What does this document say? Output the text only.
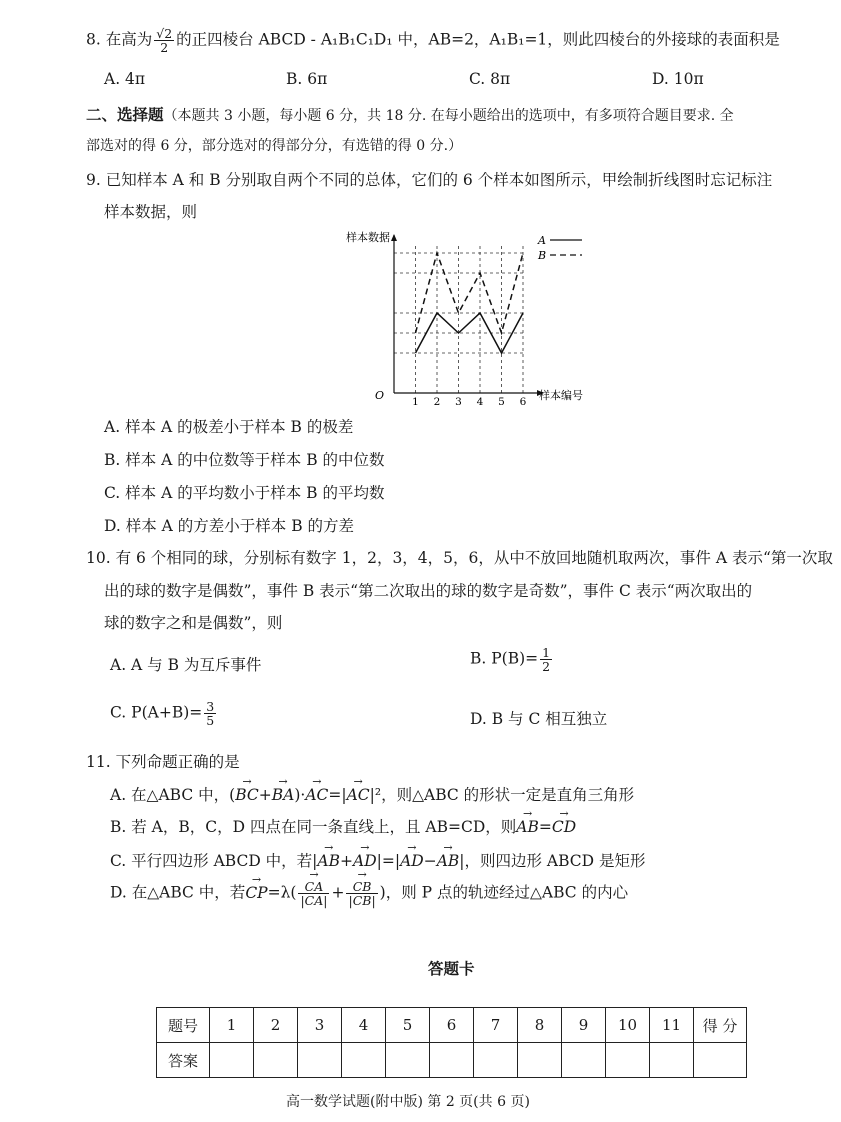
8. 在高为 $\frac{√2}{2}$ 的正四棱台 ABCD - A₁B₁C₁D₁ 中，AB=2，A₁B₁=1，则此四棱台的外接球的表面积是
A. 4π	B. 6π	C. 8π	D. 10π
二、选择题（本题共 3 小题，每小题 6 分，共 18 分. 在每小题给出的选项中，有多项符合题目要求. 全
部选对的得 6 分，部分选对的得部分分，有选错的得 0 分.）
9. 已知样本 A 和 B 分别取自两个不同的总体，它们的 6 个样本如图所示，甲绘制折线图时忘记标注
样本数据，则
O
样本数据
样本编号
1 2 3 4 5 6
A
B
A. 样本 A 的极差小于样本 B 的极差
B. 样本 A 的中位数等于样本 B 的中位数
C. 样本 A 的平均数小于样本 B 的平均数
D. 样本 A 的方差小于样本 B 的方差
10. 有 6 个相同的球，分别标有数字 1，2，3，4，5，6，从中不放回地随机取两次，事件 A 表示“第一次取
出的球的数字是偶数”，事件 B 表示“第二次取出的球的数字是奇数”，事件 C 表示“两次取出的
球的数字之和是偶数”，则
A. A 与 B 为互斥事件	B. $P(B)= \frac{1}{2}$
C. $P(A+B)= \frac{3}{5}$	D. B 与 C 相互独立
11. 下列命题正确的是
A. 在△ABC 中，(→ BC+→ BA)·→ AC=|→ AC|²，则△ABC 的形状一定是直角三角形
B. 若 A，B，C，D 四点在同一条直线上，且 AB=CD，则→ AB=→ CD
C. 平行四边形 ABCD 中，若|→ AB+→ AD|=|→ AD−→ AB|，则四边形 ABCD 是矩形
D. 在△ABC 中，若→ $CP=\lambda( \to \frac{CA}{|CA|}$ + → $\frac{CB}{|CB|}$ )，则 P 点的轨迹经过△ABC 的内心
答题卡
题号	1	2	3	4	5	6	7	8	9	10	11	得 分
答案												
高一数学试题(附中版) 第 2 页(共 6 页)
